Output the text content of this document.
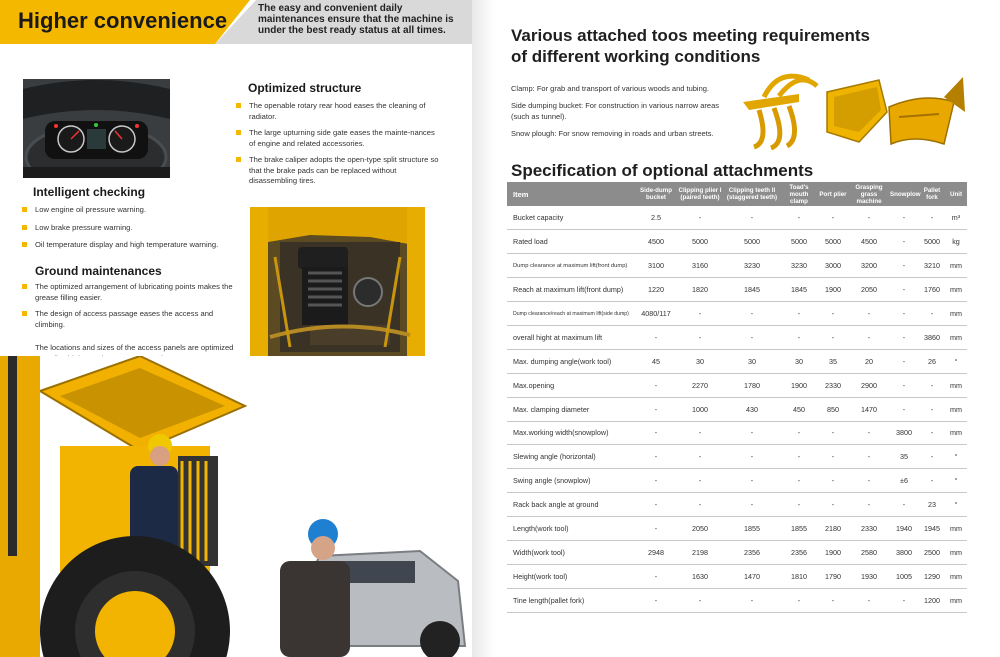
Higher convenience	The easy and convenient daily maintenances ensure that the machine is under the best ready status at all times.
Optimized structure
The openable rotary rear hood eases the cleaning of radiator.
The large upturning side gate eases the mainte-nances of engine and related accessories.
The brake caliper adopts the open-type split structure so that the brake pads can be replaced without disassembling tires.
Intelligent checking
Low engine oil pressure warning.
Low brake pressure warning.
Oil temperature display and high temperature warning.
Ground maintenances
The optimized arrangement of lubricating points makes the grease filling easier.
The design of access passage eases the access and climbing.
The locations and sizes of the access panels are optimized
Various attached toos meeting requirements
of different working conditions
Clamp: For grab and transport of various woods and tubing.
Side dumping bucket: For construction in various narrow areas (such as tunnel).
Snow plough: For snow removing in roads and urban streets.
Specification of optional attachments
Item	Side-dump bucket	Clipping plier I (paired teeth)	Clipping teeth II (staggered teeth)	Toad's mouth clamp	Port plier	Grasping grass machine	Snowplow	Pallet fork	Unit
Bucket capacity	2.5	-	-	-	-	-	-	-	m³
Rated load	4500	5000	5000	5000	5000	4500	-	5000	kg
Dump clearance at maximum lift(front dump)	3100	3160	3230	3230	3000	3200	-	3210	mm
Reach at maximum lift(front dump)	1220	1820	1845	1845	1900	2050	-	1760	mm
Dump clearance/reach at maximum lift(side dump)	4080/117	-	-	-	-	-	-	-	mm
overall hight at maximum lift	-	-	-	-	-	-	-	3860	mm
Max. dumping angle(work tool)	45	30	30	30	35	20	-	26	°
Max.opening	-	2270	1780	1900	2330	2900	-	-	mm
Max. clamping diameter	-	1000	430	450	850	1470	-	-	mm
Max.working width(snowplow)	-	-	-	-	-	-	3800	-	mm
Slewing angle (horizontal)	-	-	-	-	-	-	35	-	°
Swing angle (snowplow)	-	-	-	-	-	-	±6	-	°
Rack back angle at ground	-	-	-	-	-	-	-	23	°
Length(work tool)	-	2050	1855	1855	2180	2330	1940	1945	mm
Width(work tool)	2948	2198	2356	2356	1900	2580	3800	2500	mm
Height(work tool)	-	1630	1470	1810	1790	1930	1005	1290	mm
Tine length(pallet fork)	-	-	-	-	-	-	-	1200	mm
